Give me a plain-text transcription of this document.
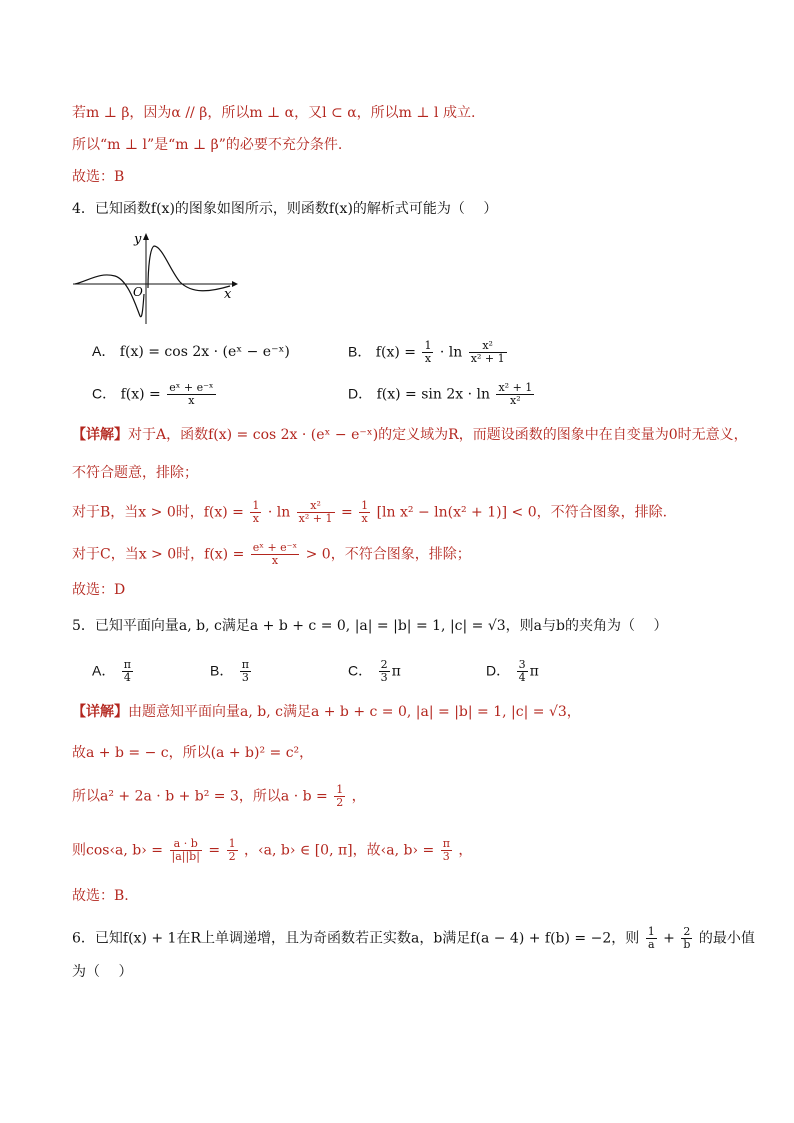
若m ⊥ β，因为α // β，所以m ⊥ α，又l ⊂ α，所以m ⊥ l 成立.
所以“m ⊥ l”是“m ⊥ β”的必要不充分条件.
故选：B
4．已知函数f(x)的图象如图所示，则函数f(x)的解析式可能为（　 ）
y
x
O
A． f(x) = cos 2x · (eˣ − e⁻ˣ)	B． $f(x) = \frac{1}{x} \cdot \ln \frac{\text{x²}}{\text{x² + 1}}$
C． $f(x) = \frac{\text{eˣ + e⁻ˣ}}{x}$	D． $f(x) = \sin 2x \cdot \ln \frac{\text{x² + 1}}{\text{x²}}$
【详解】对于A，函数f(x) = cos 2x · (eˣ − e⁻ˣ)的定义域为R，而题设函数的图象中在自变量为0时无意义，
不符合题意，排除；
对于B，当x > 0时，$f(x) = \frac{1}{x} \cdot \ln \frac{\text{x²}}{\text{x² + 1}} = \frac{1}{x} [\ln$ x² − ln(x² + 1)] < 0，不符合图象，排除.
对于C，当x > 0时，$f(x) = \frac{\text{eˣ + e⁻ˣ}}{x} > 0$，不符合图象，排除；
故选：D
5．已知平面向量a, b, c满足a + b + c = 0, |a| = |b| = 1, |c| = √3，则a与b的夹角为（　 ）
A． $\frac{\pi}{4}$	B． $\frac{\pi}{3}$	C． $\frac{2}{3}$ π	D． $\frac{3}{4}$ π
【详解】由题意知平面向量a, b, c满足a + b + c = 0, |a| = |b| = 1, |c| = √3，
故a + b = − c，所以(a + b)² = c²，
所以a² + 2a · b + b² = 3，所以$a \cdot b = \frac{1}{2}$ ，
则cos‹a, b› = $\frac{a \cdot b}{|a||b|} = \frac{1}{2}$ ，‹a, b› ∈ [0, π]，故‹a, b› = $\frac{\pi}{3}$ ，
故选：B.
6．已知f(x) + 1在R上单调递增，且为奇函数若正实数a，b满足f(a − 4) + f(b) = −2，则 $\frac{1}{a} + \frac{2}{b}$ 的最小值
为（　 ）
